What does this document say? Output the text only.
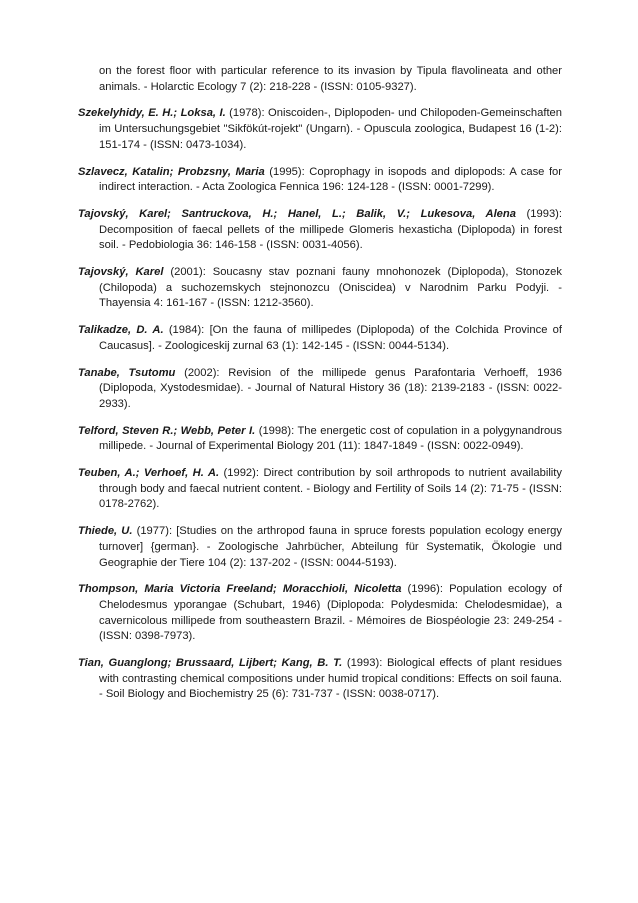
on the forest floor with particular reference to its invasion by Tipula flavolineata and other animals. - Holarctic Ecology 7 (2): 218-228 - (ISSN: 0105-9327).

Szekelyhidy, E. H.; Loksa, I. (1978): Oniscoiden-, Diplopoden- und Chilopoden-Gemeinschaften im Untersuchungsgebiet "Sikfökút-rojekt" (Ungarn). - Opuscula zoologica, Budapest 16 (1-2): 151-174 - (ISSN: 0473-1034).

Szlavecz, Katalin; Probzsny, Maria (1995): Coprophagy in isopods and diplopods: A case for indirect interaction. - Acta Zoologica Fennica 196: 124-128 - (ISSN: 0001-7299).

Tajovský, Karel; Santruckova, H.; Hanel, L.; Balik, V.; Lukesova, Alena (1993): Decomposition of faecal pellets of the millipede Glomeris hexasticha (Diplopoda) in forest soil. - Pedobiologia 36: 146-158 - (ISSN: 0031-4056).

Tajovský, Karel (2001): Soucasny stav poznani fauny mnohonozek (Diplopoda), Stonozek (Chilopoda) a suchozemskych stejnonozcu (Oniscidea) v Narodnim Parku Podyji. - Thayensia 4: 161-167 - (ISSN: 1212-3560).

Talikadze, D. A. (1984): [On the fauna of millipedes (Diplopoda) of the Colchida Province of Caucasus]. - Zoologiceskij zurnal 63 (1): 142-145 - (ISSN: 0044-5134).

Tanabe, Tsutomu (2002): Revision of the millipede genus Parafontaria Verhoeff, 1936 (Diplopoda, Xystodesmidae). - Journal of Natural History 36 (18): 2139-2183 - (ISSN: 0022-2933).

Telford, Steven R.; Webb, Peter I. (1998): The energetic cost of copulation in a polygynandrous millipede. - Journal of Experimental Biology 201 (11): 1847-1849 - (ISSN: 0022-0949).

Teuben, A.; Verhoef, H. A. (1992): Direct contribution by soil arthropods to nutrient availability through body and faecal nutrient content. - Biology and Fertility of Soils 14 (2): 71-75 - (ISSN: 0178-2762).

Thiede, U. (1977): [Studies on the arthropod fauna in spruce forests population ecology energy turnover] {german}. - Zoologische Jahrbücher, Abteilung für Systematik, Ökologie und Geographie der Tiere 104 (2): 137-202 - (ISSN: 0044-5193).

Thompson, Maria Victoria Freeland; Moracchioli, Nicoletta (1996): Population ecology of Chelodesmus yporangae (Schubart, 1946) (Diplopoda: Polydesmida: Chelodesmidae), a cavernicolous millipede from southeastern Brazil. - Mémoires de Biospéologie 23: 249-254 - (ISSN: 0398-7973).

Tian, Guanglong; Brussaard, Lijbert; Kang, B. T. (1993): Biological effects of plant residues with contrasting chemical compositions under humid tropical conditions: Effects on soil fauna. - Soil Biology and Biochemistry 25 (6): 731-737 - (ISSN: 0038-0717).
